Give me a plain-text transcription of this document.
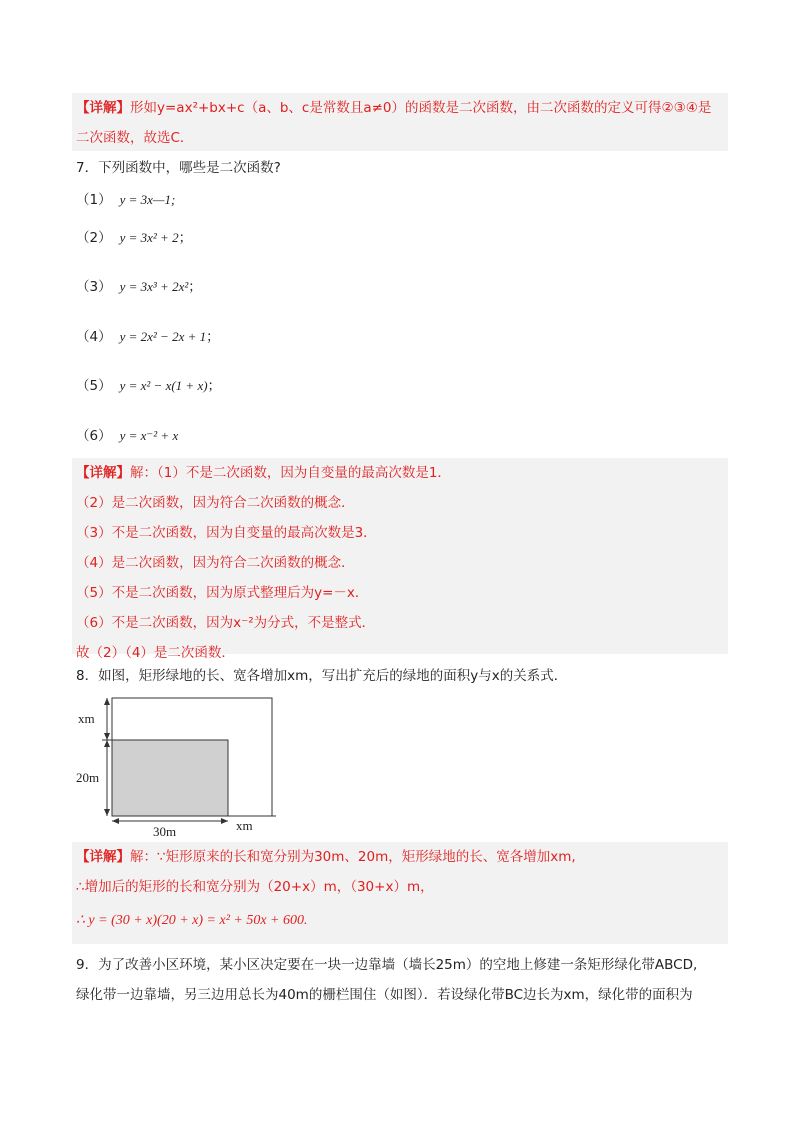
【详解】形如y=ax²+bx+c（a、b、c是常数且a≠0）的函数是二次函数，由二次函数的定义可得②③④是
二次函数，故选C．
7．下列函数中，哪些是二次函数?
（1） y = 3x—1;
（2） y = 3x² + 2；
（3） y = 3x³ + 2x²；
（4） y = 2x² − 2x + 1；
（5） y = x² − x(1 + x)；
（6） y = x⁻² + x
【详解】解：（1）不是二次函数，因为自变量的最高次数是1．
（2）是二次函数，因为符合二次函数的概念．
（3）不是二次函数，因为自变量的最高次数是3．
（4）是二次函数，因为符合二次函数的概念．
（5）不是二次函数，因为原式整理后为y=－x．
（6）不是二次函数，因为x⁻²为分式，不是整式．
故（2）（4）是二次函数．
8．如图，矩形绿地的长、宽各增加xm，写出扩充后的绿地的面积y与x的关系式．
xm
20m
30m	xm
【详解】解：∵矩形原来的长和宽分别为30m、20m，矩形绿地的长、宽各增加xm,
∴增加后的矩形的长和宽分别为（20+x）m，（30+x）m，
∴ y = (30 + x)(20 + x) = x² + 50x + 600.
9．为了改善小区环境，某小区决定要在一块一边靠墙（墙长25m）的空地上修建一条矩形绿化带ABCD,
绿化带一边靠墙，另三边用总长为40m的栅栏围住（如图）．若设绿化带BC边长为xm，绿化带的面积为
